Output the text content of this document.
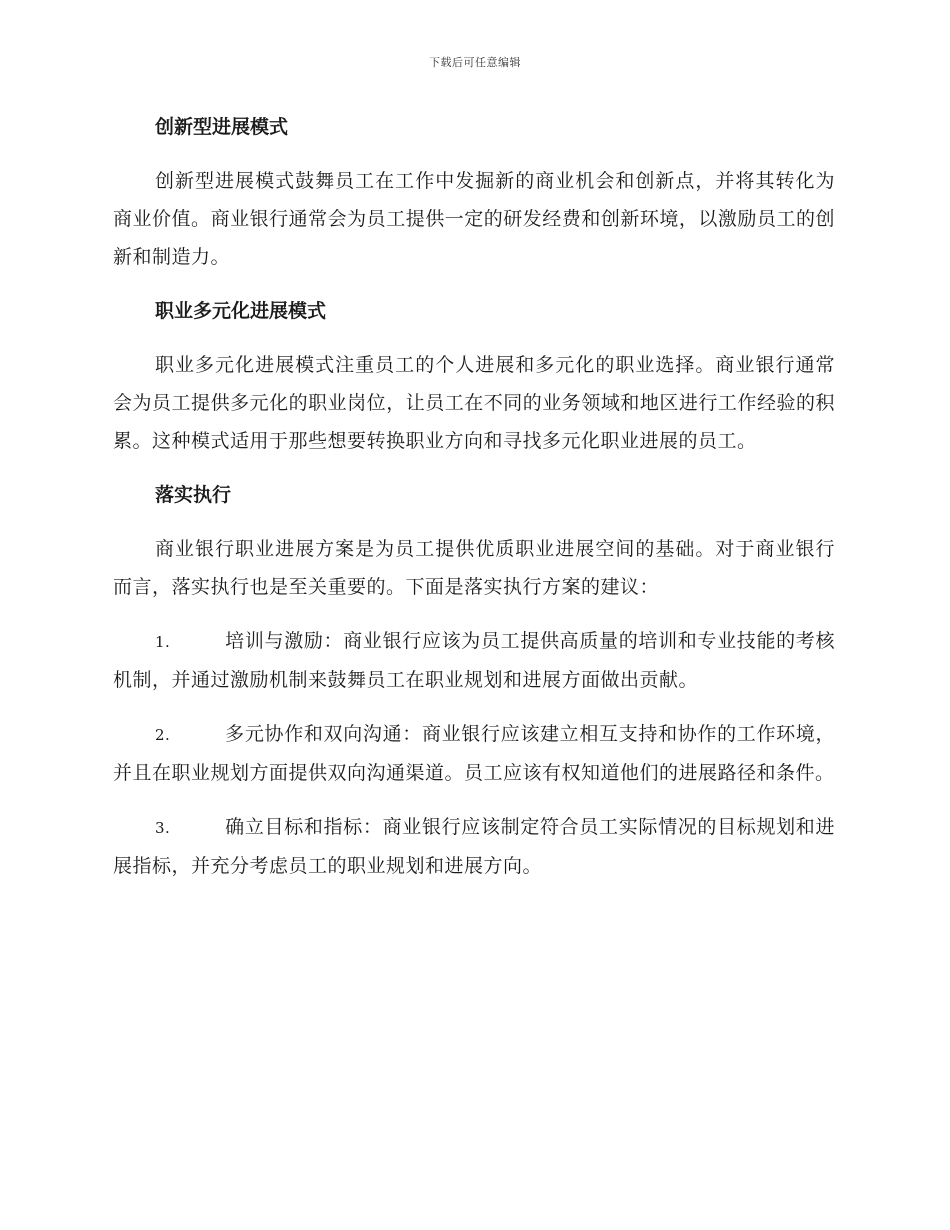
下载后可任意编辑
创新型进展模式

创新型进展模式鼓舞员工在工作中发掘新的商业机会和创新点，并将其转化为商业价值。商业银行通常会为员工提供一定的研发经费和创新环境，以激励员工的创新和制造力。

职业多元化进展模式

职业多元化进展模式注重员工的个人进展和多元化的职业选择。商业银行通常会为员工提供多元化的职业岗位，让员工在不同的业务领域和地区进行工作经验的积累。这种模式适用于那些想要转换职业方向和寻找多元化职业进展的员工。

落实执行

商业银行职业进展方案是为员工提供优质职业进展空间的基础。对于商业银行而言，落实执行也是至关重要的。下面是落实执行方案的建议：

1.	培训与激励：商业银行应该为员工提供高质量的培训和专业技能的考核机制，并通过激励机制来鼓舞员工在职业规划和进展方面做出贡献。

2.	多元协作和双向沟通：商业银行应该建立相互支持和协作的工作环境，并且在职业规划方面提供双向沟通渠道。员工应该有权知道他们的进展路径和条件。

3.	确立目标和指标：商业银行应该制定符合员工实际情况的目标规划和进展指标，并充分考虑员工的职业规划和进展方向。
